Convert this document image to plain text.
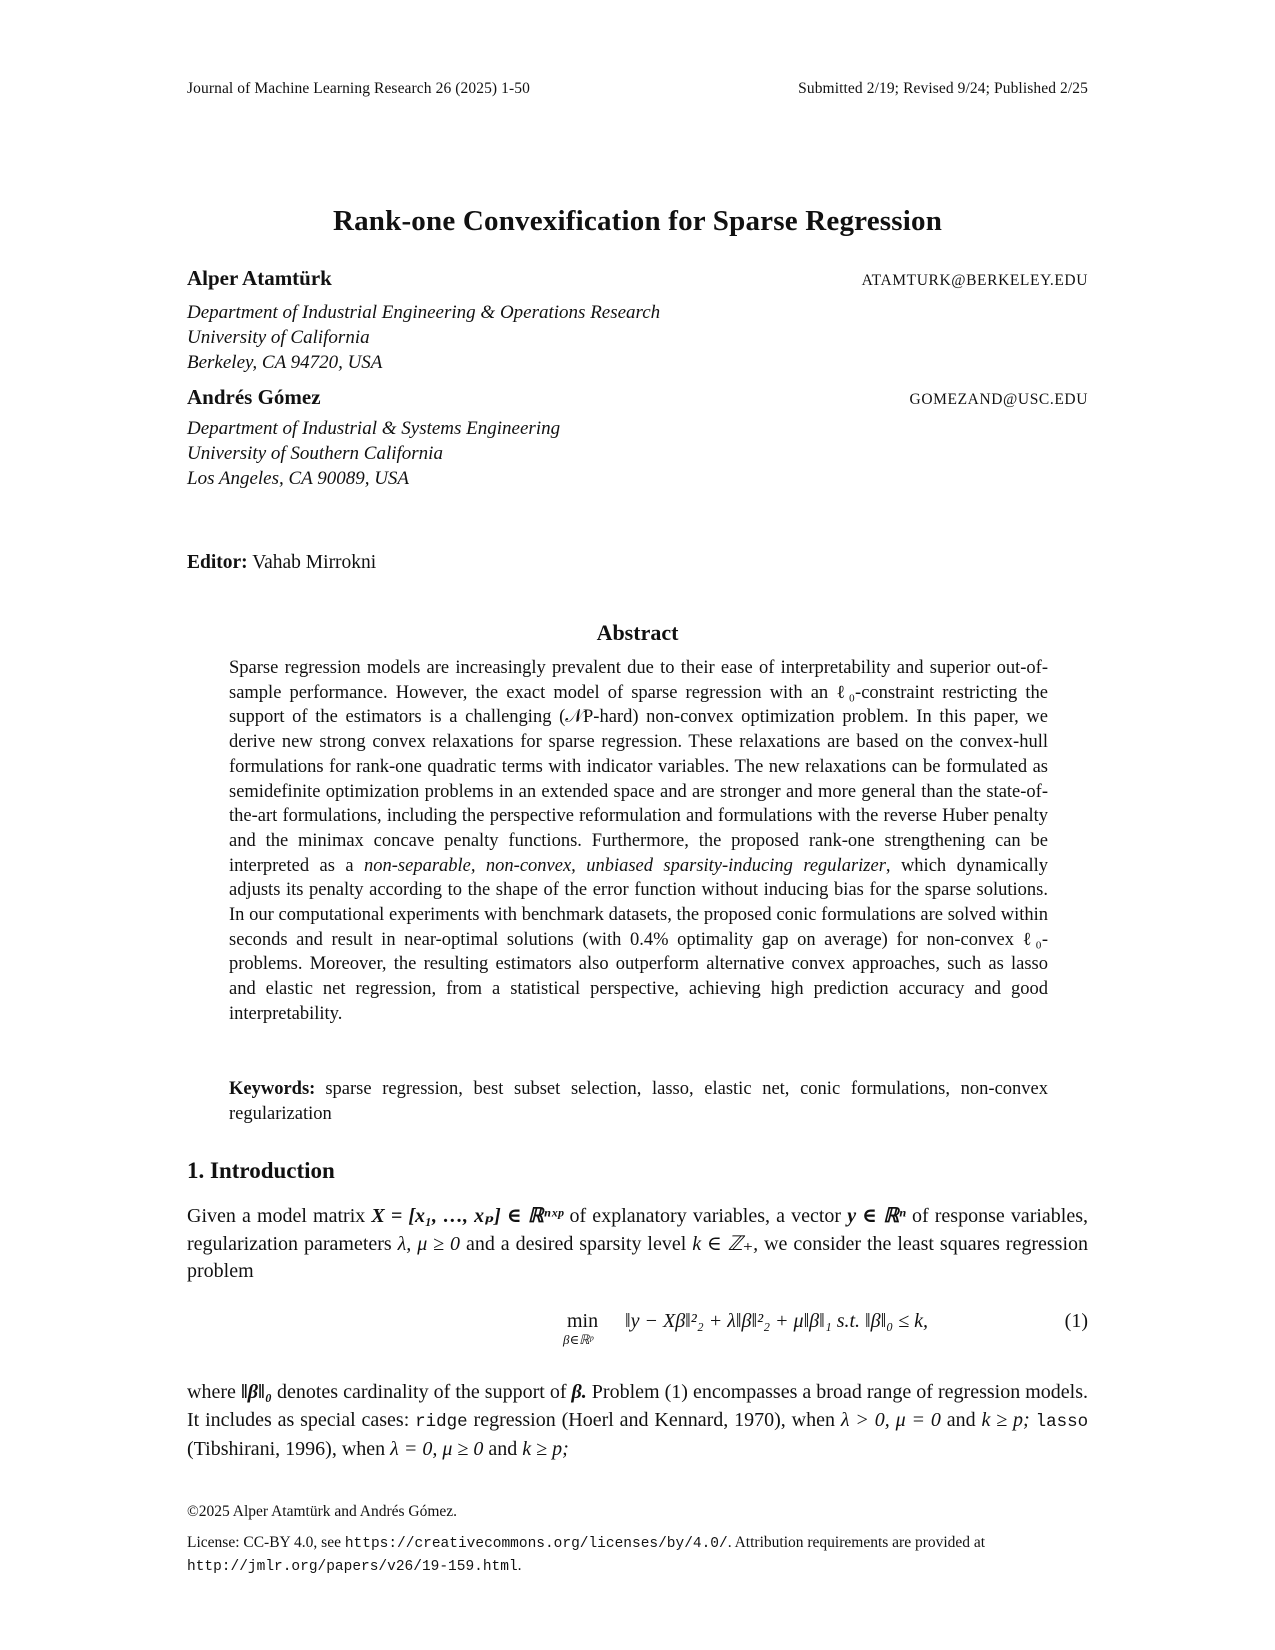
Journal of Machine Learning Research 26 (2025) 1-50	Submitted 2/19; Revised 9/24; Published 2/25
Rank-one Convexification for Sparse Regression
Alper Atamtürk	ATAMTURK@BERKELEY.EDU
Department of Industrial Engineering & Operations Research
University of California
Berkeley, CA 94720, USA
Andrés Gómez	GOMEZAND@USC.EDU
Department of Industrial & Systems Engineering
University of Southern California
Los Angeles, CA 90089, USA
Editor: Vahab Mirrokni
Abstract

Sparse regression models are increasingly prevalent due to their ease of interpretability and superior out-of-sample performance. However, the exact model of sparse regression with an ℓ₀-constraint restricting the support of the estimators is a challenging (𝒩P-hard) non-convex optimization problem. In this paper, we derive new strong convex relaxations for sparse regression. These relaxations are based on the convex-hull formulations for rank-one quadratic terms with indicator variables. The new relaxations can be formulated as semidefinite optimization problems in an extended space and are stronger and more general than the state-of-the-art formulations, including the perspective reformulation and formulations with the reverse Huber penalty and the minimax concave penalty functions. Furthermore, the proposed rank-one strengthening can be interpreted as a non-separable, non-convex, unbiased sparsity-inducing regularizer, which dynamically adjusts its penalty according to the shape of the error function without inducing bias for the sparse solutions. In our computational experiments with benchmark datasets, the proposed conic formulations are solved within seconds and result in near-optimal solutions (with 0.4% optimality gap on average) for non-convex ℓ₀-problems. Moreover, the resulting estimators also outperform alternative convex approaches, such as lasso and elastic net regression, from a statistical perspective, achieving high prediction accuracy and good interpretability.

Keywords: sparse regression, best subset selection, lasso, elastic net, conic formulations, non-convex regularization
1. Introduction
Given a model matrix X = [x₁, …, xₚ] ∈ ℝⁿˣᵖ of explanatory variables, a vector y ∈ ℝⁿ of response variables, regularization parameters λ, μ ≥ 0 and a desired sparsity level k ∈ ℤ₊, we consider the least squares regression problem
min
β∈ℝᵖ
‖y − Xβ‖²₂ + λ‖β‖²₂ + μ‖β‖₁ s.t. ‖β‖₀ ≤ k,	(1)
where ‖β‖₀ denotes cardinality of the support of β. Problem (1) encompasses a broad range of regression models. It includes as special cases: ridge regression (Hoerl and Kennard, 1970), when λ > 0, μ = 0 and k ≥ p; lasso (Tibshirani, 1996), when λ = 0, μ ≥ 0 and k ≥ p;
©2025 Alper Atamtürk and Andrés Gómez.
License: CC-BY 4.0, see https://creativecommons.org/licenses/by/4.0/. Attribution requirements are provided at http://jmlr.org/papers/v26/19-159.html.
